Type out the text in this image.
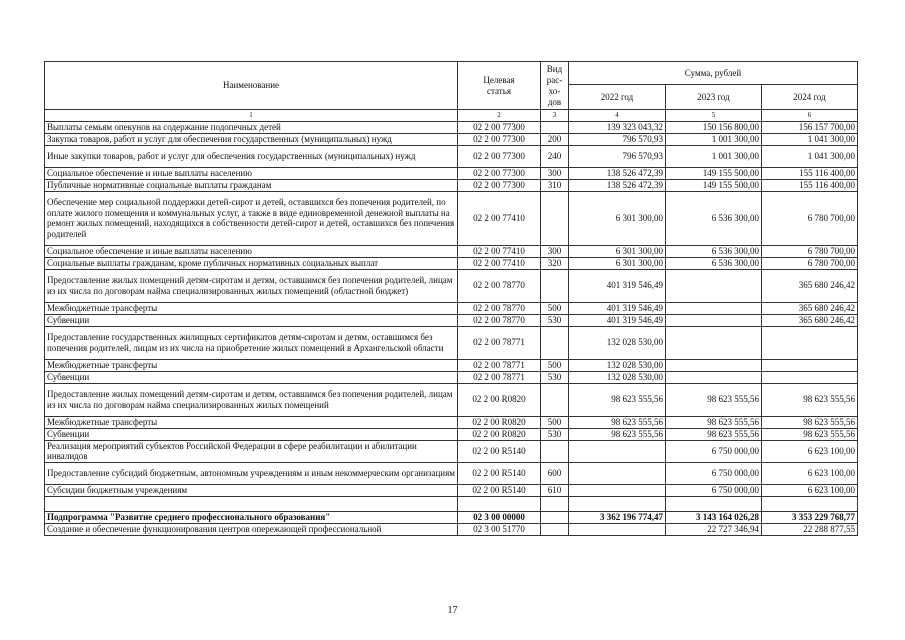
Наименование	Целевая
статья	Вид рас- хо- дов	Сумма, рублей		
			2022 год	2023 год	2024 год
1	2	3	4	5	6
Выплаты семьям опекунов на содержание подопечных детей	02 2 00 77300		139 323 043,32	150 156 800,00	156 157 700,00
Закупка товаров, работ и услуг для обеспечения государственных (муниципальных) нужд	02 2 00 77300	200	796 570,93	1 001 300,00	1 041 300,00
Иные закупки товаров, работ и услуг для обеспечения государственных (муниципальных) нужд	02 2 00 77300	240	796 570,93	1 001 300,00	1 041 300,00
Социальное обеспечение и иные выплаты населению	02 2 00 77300	300	138 526 472,39	149 155 500,00	155 116 400,00
Публичные нормативные социальные выплаты гражданам	02 2 00 77300	310	138 526 472,39	149 155 500,00	155 116 400,00
Обеспечение мер социальной поддержки детей-сирот и детей, оставшихся без попечения родителей, по оплате жилого помещения и коммунальных услуг, а также в виде единовременной денежной выплаты на ремонт жилых помещений, находящихся в собственности детей-сирот и детей, оставшихся без попечения родителей	02 2 00 77410		6 301 300,00	6 536 300,00	6 780 700,00
Социальное обеспечение и иные выплаты населению	02 2 00 77410	300	6 301 300,00	6 536 300,00	6 780 700,00
Социальные выплаты гражданам, кроме публичных нормативных социальных выплат	02 2 00 77410	320	6 301 300,00	6 536 300,00	6 780 700,00
Предоставление жилых помещений детям-сиротам и детям, оставшимся без попечения родителей, лицам из их числа по договорам найма специализированных жилых помещений (областной бюджет)	02 2 00 78770		401 319 546,49		365 680 246,42
Межбюджетные трансферты	02 2 00 78770	500	401 319 546,49		365 680 246,42
Субвенции	02 2 00 78770	530	401 319 546,49		365 680 246,42
Предоставление государственных жилищных сертификатов детям-сиротам и детям, оставшимся без попечения родителей, лицам из их числа на приобретение жилых помещений в Архангельской области	02 2 00 78771		132 028 530,00		
Межбюджетные трансферты	02 2 00 78771	500	132 028 530,00		
Субвенции	02 2 00 78771	530	132 028 530,00		
Предоставление жилых помещений детям-сиротам и детям, оставшимся без попечения родителей, лицам из их числа по договорам найма специализированных жилых помещений	02 2 00 R0820		98 623 555,56	98 623 555,56	98 623 555,56
Межбюджетные трансферты	02 2 00 R0820	500	98 623 555,56	98 623 555,56	98 623 555,56
Субвенции	02 2 00 R0820	530	98 623 555,56	98 623 555,56	98 623 555,56
Реализация мероприятий субъектов Российской Федерации в сфере реабилитации и абилитации инвалидов	02 2 00 R5140			6 750 000,00	6 623 100,00
Предоставление субсидий бюджетным, автономным учреждениям и иным некоммерческим организациям	02 2 00 R5140	600		6 750 000,00	6 623 100,00
Субсидии бюджетным учреждениям	02 2 00 R5140	610		6 750 000,00	6 623 100,00

Подпрограмма "Развитие среднего профессионального образования"	02 3 00 00000		3 362 196 774,47	3 143 164 026,28	3 353 229 768,77
Создание и обеспечение функционирования центров опережающей профессиональной	02 3 00 51770			22 727 346,94	22 288 877,55
17
